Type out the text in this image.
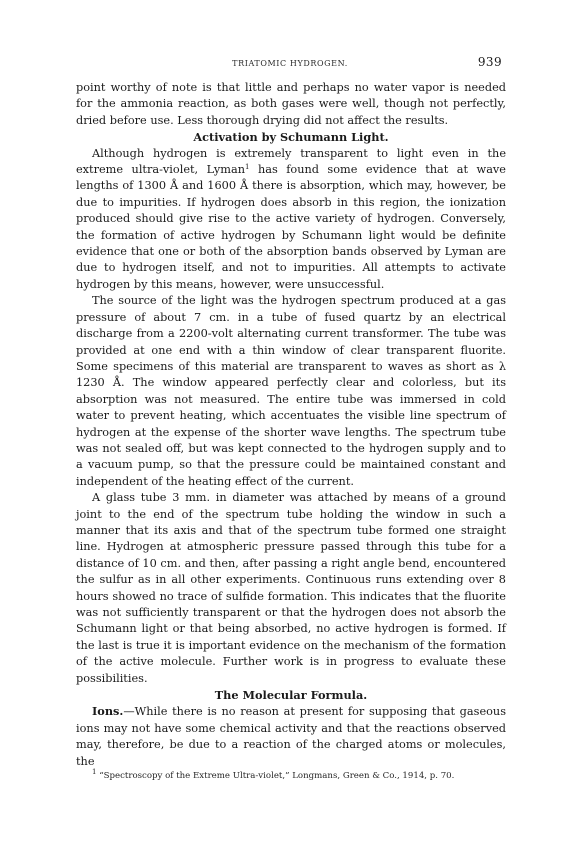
TRIATOMIC HYDROGEN.	939

point worthy of note is that little and perhaps no water vapor is needed for the ammonia reaction, as both gases were well, though not perfectly, dried before use. Less thorough drying did not affect the results.

Activation by Schumann Light.

Although hydrogen is extremely transparent to light even in the extreme ultra-violet, Lyman$^1$ has found some evidence that at wave lengths of 1300 Å and 1600 Å there is absorption, which may, however, be due to impurities. If hydrogen does absorb in this region, the ionization produced should give rise to the active variety of hydrogen. Conversely, the formation of active hydrogen by Schumann light would be definite evidence that one or both of the absorption bands observed by Lyman are due to hydrogen itself, and not to impurities. All attempts to activate hydrogen by this means, however, were unsuccessful.

The source of the light was the hydrogen spectrum produced at a gas pressure of about 7 cm. in a tube of fused quartz by an electrical discharge from a 2200-volt alternating current transformer. The tube was provided at one end with a thin window of clear transparent fluorite. Some specimens of this material are transparent to waves as short as λ 1230 Å. The window appeared perfectly clear and colorless, but its absorption was not measured. The entire tube was immersed in cold water to prevent heating, which accentuates the visible line spectrum of hydrogen at the expense of the shorter wave lengths. The spectrum tube was not sealed off, but was kept connected to the hydrogen supply and to a vacuum pump, so that the pressure could be maintained constant and independent of the heating effect of the current.

A glass tube 3 mm. in diameter was attached by means of a ground joint to the end of the spectrum tube holding the window in such a manner that its axis and that of the spectrum tube formed one straight line. Hydrogen at atmospheric pressure passed through this tube for a distance of 10 cm. and then, after passing a right angle bend, encountered the sulfur as in all other experiments. Continuous runs extending over 8 hours showed no trace of sulfide formation. This indicates that the fluorite was not sufficiently transparent or that the hydrogen does not absorb the Schumann light or that being absorbed, no active hydrogen is formed. If the last is true it is important evidence on the mechanism of the formation of the active molecule. Further work is in progress to evaluate these possibilities.

The Molecular Formula.

Ions.—While there is no reason at present for supposing that gaseous ions may not have some chemical activity and that the reactions observed may, therefore, be due to a reaction of the charged atoms or molecules, the

$^1$ “Spectroscopy of the Extreme Ultra-violet,” Longmans, Green & Co., 1914, p. 70.
